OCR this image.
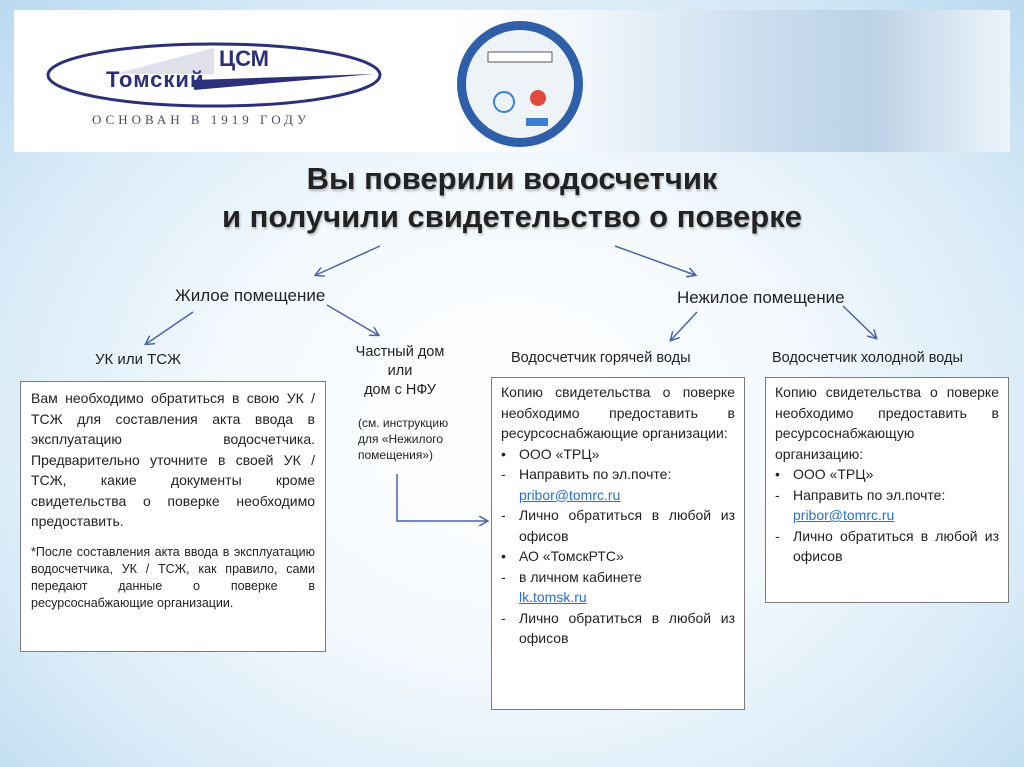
Томский
ЦСМ
ОСНОВАН В 1919 ГОДУ
Вы поверили водосчетчик
и получили свидетельство о поверке
Жилое помещение	Нежилое помещение
УК или ТСЖ	Частный дом
или
дом с НФУ
(см. инструкцию
для «Нежилого
помещения»)
Водосчетчик горячей воды	Водосчетчик холодной воды

Вам необходимо обратиться в свою УК / ТСЖ для составления акта ввода в эксплуатацию водосчетчика. Предварительно уточните в своей УК / ТСЖ, какие документы кроме свидетельства о поверке необходимо предоставить.

*После составления акта ввода в эксплуатацию водосчетчика, УК / ТСЖ, как правило, сами передают данные о поверке в ресурсоснабжающие организации.

Копию свидетельства о поверке необходимо предоставить в ресурсоснабжающие организации:

• ООО «ТРЦ»
- Направить по эл.почте:
pribor@tomrc.ru
- Лично обратиться в любой из офисов
• АО «ТомскРТС»
- в личном кабинете
lk.tomsk.ru
- Лично обратиться в любой из офисов

Копию свидетельства о поверке необходимо предоставить в ресурсоснабжающую организацию:

• ООО «ТРЦ»
- Направить по эл.почте:
pribor@tomrc.ru
- Лично обратиться в любой из офисов
